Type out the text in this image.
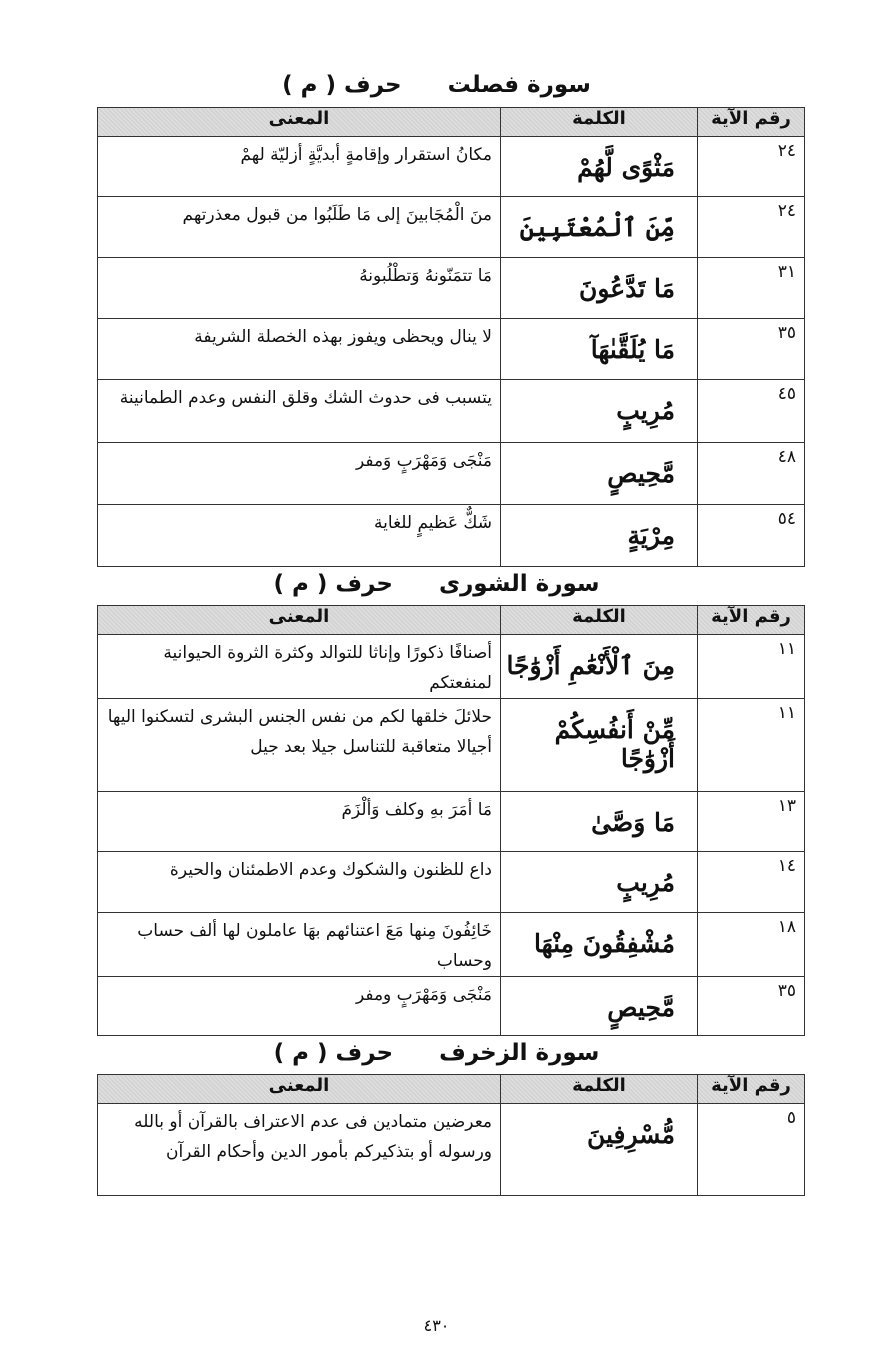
سورة فصلتحرف ( م )
رقم الآية	الكلمة	المعنى
٢٤	مَثْوًى لَّهُمْ	مكانُ استقرار وإقامةٍ أبديَّةٍ أزليّة لهمْ
٢٤	مِّنَ ٱلْمُعْتَبِينَ	منَ الْمُجَابينَ إلى مَا طَلَبُوا من قبول معذرتهم
٣١	مَا تَدَّعُونَ	مَا تتمَنّونهُ وَتطْلُبونهُ
٣٥	مَا يُلَقَّىٰهَآ	لا ينال ويحظى ويفوز بهذه الخصلة الشريفة
٤٥	مُرِيبٍ	يتسبب فى حدوث الشك وقلق النفس وعدم الطمانينة
٤٨	مَّحِيصٍ	مَنْجَى وَمَهْرَبٍ وَمفر
٥٤	مِرْيَةٍ	شَكٌّ عَظيمٍ للغاية
سورة الشورىحرف ( م )
رقم الآية	الكلمة	المعنى
١١	مِنَ ٱلْأَنْعَٰمِ أَزْوَٰجًا	أصنافًا ذكورًا وإناثا للتوالد وكثرة الثروة الحيوانية لمنفعتكم
١١	مِّنْ أَنفُسِكُمْ أَزْوَٰجًا	حلائلَ خلقها لكم من نفس الجنس البشرى لتسكنوا اليها أجيالا متعاقبة للتناسل جيلا بعد جيل
١٣	مَا وَصَّىٰ	مَا أمَرَ بهِ وكلف وَألْزَمَ
١٤	مُرِيبٍ	داع للظنون والشكوك وعدم الاطمئنان والحيرة
١٨	مُشْفِقُونَ مِنْهَا	خَائِفُونَ مِنها مَعَ اعتنائهم بهَا عاملون لها ألف حساب وحساب
٣٥	مَّحِيصٍ	مَنْجَى وَمَهْرَبٍ ومفر
سورة الزخرفحرف ( م )
رقم الآية	الكلمة	المعنى
٥	مُّسْرِفِينَ	معرضين متمادين فى عدم الاعتراف بالقرآن أو بالله ورسوله أو بتذكيركم بأمور الدين وأحكام القرآن
٤٣٠
